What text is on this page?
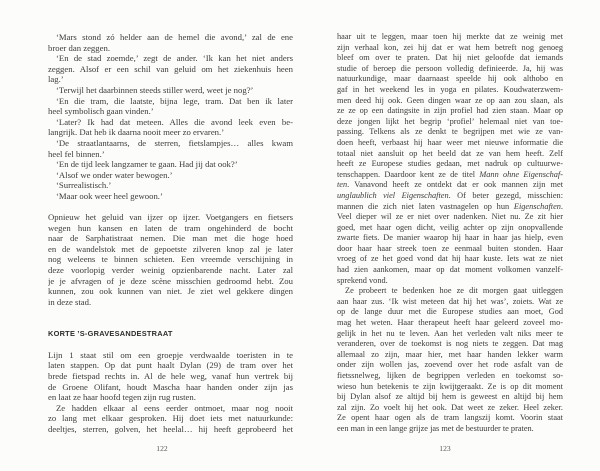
‘Mars stond zó helder aan de hemel die avond,’ zal de ene
broer dan zeggen.
‘En de stad zoemde,’ zegt de ander. ‘Ik kan het niet anders
zeggen. Alsof er een schil van geluid om het ziekenhuis heen
lag.’
‘Terwijl het daarbinnen steeds stiller werd, weet je nog?’
‘En die tram, die laatste, bijna lege, tram. Dat ben ik later
heel symbolisch gaan vinden.’
‘Later? Ik had dat meteen. Alles die avond leek even be-
langrijk. Dat heb ik daarna nooit meer zo ervaren.’
‘De straatlantaarns, de sterren, fietslampjes… alles kwam
heel fel binnen.’
‘En de tijd leek langzamer te gaan. Had jij dat ook?’
‘Alsof we onder water bewogen.’
‘Surrealistisch.’
‘Maar ook weer heel gewoon.’
Opnieuw het geluid van ijzer op ijzer. Voetgangers en fietsers
wegen hun kansen en laten de tram ongehinderd de bocht
naar de Sarphatistraat nemen. Die man met die hoge hoed
en de wandelstok met de gepoetste zilveren knop zal je later
nog weleens te binnen schieten. Een vreemde verschijning in
deze voorlopig verder weinig opzienbarende nacht. Later zal
je je afvragen of je deze scène misschien gedroomd hebt. Zou
kunnen, zou ook kunnen van niet. Je ziet wel gekkere dingen
in deze stad.
KORTE ’S-GRAVESANDESTRAAT
Lijn 1 staat stil om een groepje verdwaalde toeristen in te
laten stappen. Op dat punt haalt Dylan (29) de tram over het
brede fietspad rechts in. Al de hele weg, vanaf hun vertrek bij
de Groene Olifant, houdt Mascha haar handen onder zijn jas
en laat ze haar hoofd tegen zijn rug rusten.
Ze hadden elkaar al eens eerder ontmoet, maar nog nooit
zo lang met elkaar gesproken. Hij doet iets met natuurkunde:
deeltjes, sterren, golven, het heelal… hij heeft geprobeerd het
haar uit te leggen, maar toen hij merkte dat ze weinig met
zijn verhaal kon, zei hij dat er wat hem betreft nog genoeg
bleef om over te praten. Dat hij niet geloofde dat iemands
studie of beroep die persoon volledig definieerde. Ja, hij was
natuurkundige, maar daarnaast speelde hij ook althobo en
gaf in het weekend les in yoga en pilates. Koudwaterzwem-
men deed hij ook. Geen dingen waar ze op aan zou slaan, als
ze ze op een datingsite in zijn profiel had zien staan. Maar op
deze jongen lijkt het begrip ‘profiel’ helemaal niet van toe-
passing. Telkens als ze denkt te begrijpen met wie ze van-
doen heeft, verbaast hij haar weer met nieuwe informatie die
totaal niet aansluit op het beeld dat ze van hem heeft. Zelf
heeft ze Europese studies gedaan, met nadruk op cultuurwe-
tenschappen. Daardoor kent ze de titel Mann ohne Eigenschaf-
ten. Vanavond heeft ze ontdekt dat er ook mannen zijn met
unglaublich viel Eigenschaften. Of beter gezegd, misschien:
mannen die zich niet laten vastnagelen op hun Eigenschaften.
Veel dieper wil ze er niet over nadenken. Niet nu. Ze zit hier
goed, met haar ogen dicht, veilig achter op zijn onopvallende
zwarte fiets. De manier waarop hij haar in haar jas hielp, even
door haar haar streek toen ze eenmaal buiten stonden. Haar
vroeg of ze het goed vond dat hij haar kuste. Iets wat ze niet
had zien aankomen, maar op dat moment volkomen vanzelf-
sprekend vond.
Ze probeert te bedenken hoe ze dit morgen gaat uitleggen
aan haar zus. ‘Ik wist meteen dat hij het was’, zoiets. Wat ze
op de lange duur met die Europese studies aan moet, God
mag het weten. Haar therapeut heeft haar geleerd zoveel mo-
gelijk in het nu te leven. Aan het verleden valt niks meer te
veranderen, over de toekomst is nog niets te zeggen. Dat mag
allemaal zo zijn, maar hier, met haar handen lekker warm
onder zijn wollen jas, zoevend over het rode asfalt van de
fietssnelweg, lijken de begrippen verleden en toekomst so-
wieso hun betekenis te zijn kwijtgeraakt. Ze is op dit moment
bij Dylan alsof ze altijd bij hem is geweest en altijd bij hem
zal zijn. Zo voelt hij het ook. Dat weet ze zeker. Heel zeker.
Ze opent haar ogen als de tram langszij komt. Voorin staat
een man in een lange grijze jas met de bestuurder te praten.
122	123
